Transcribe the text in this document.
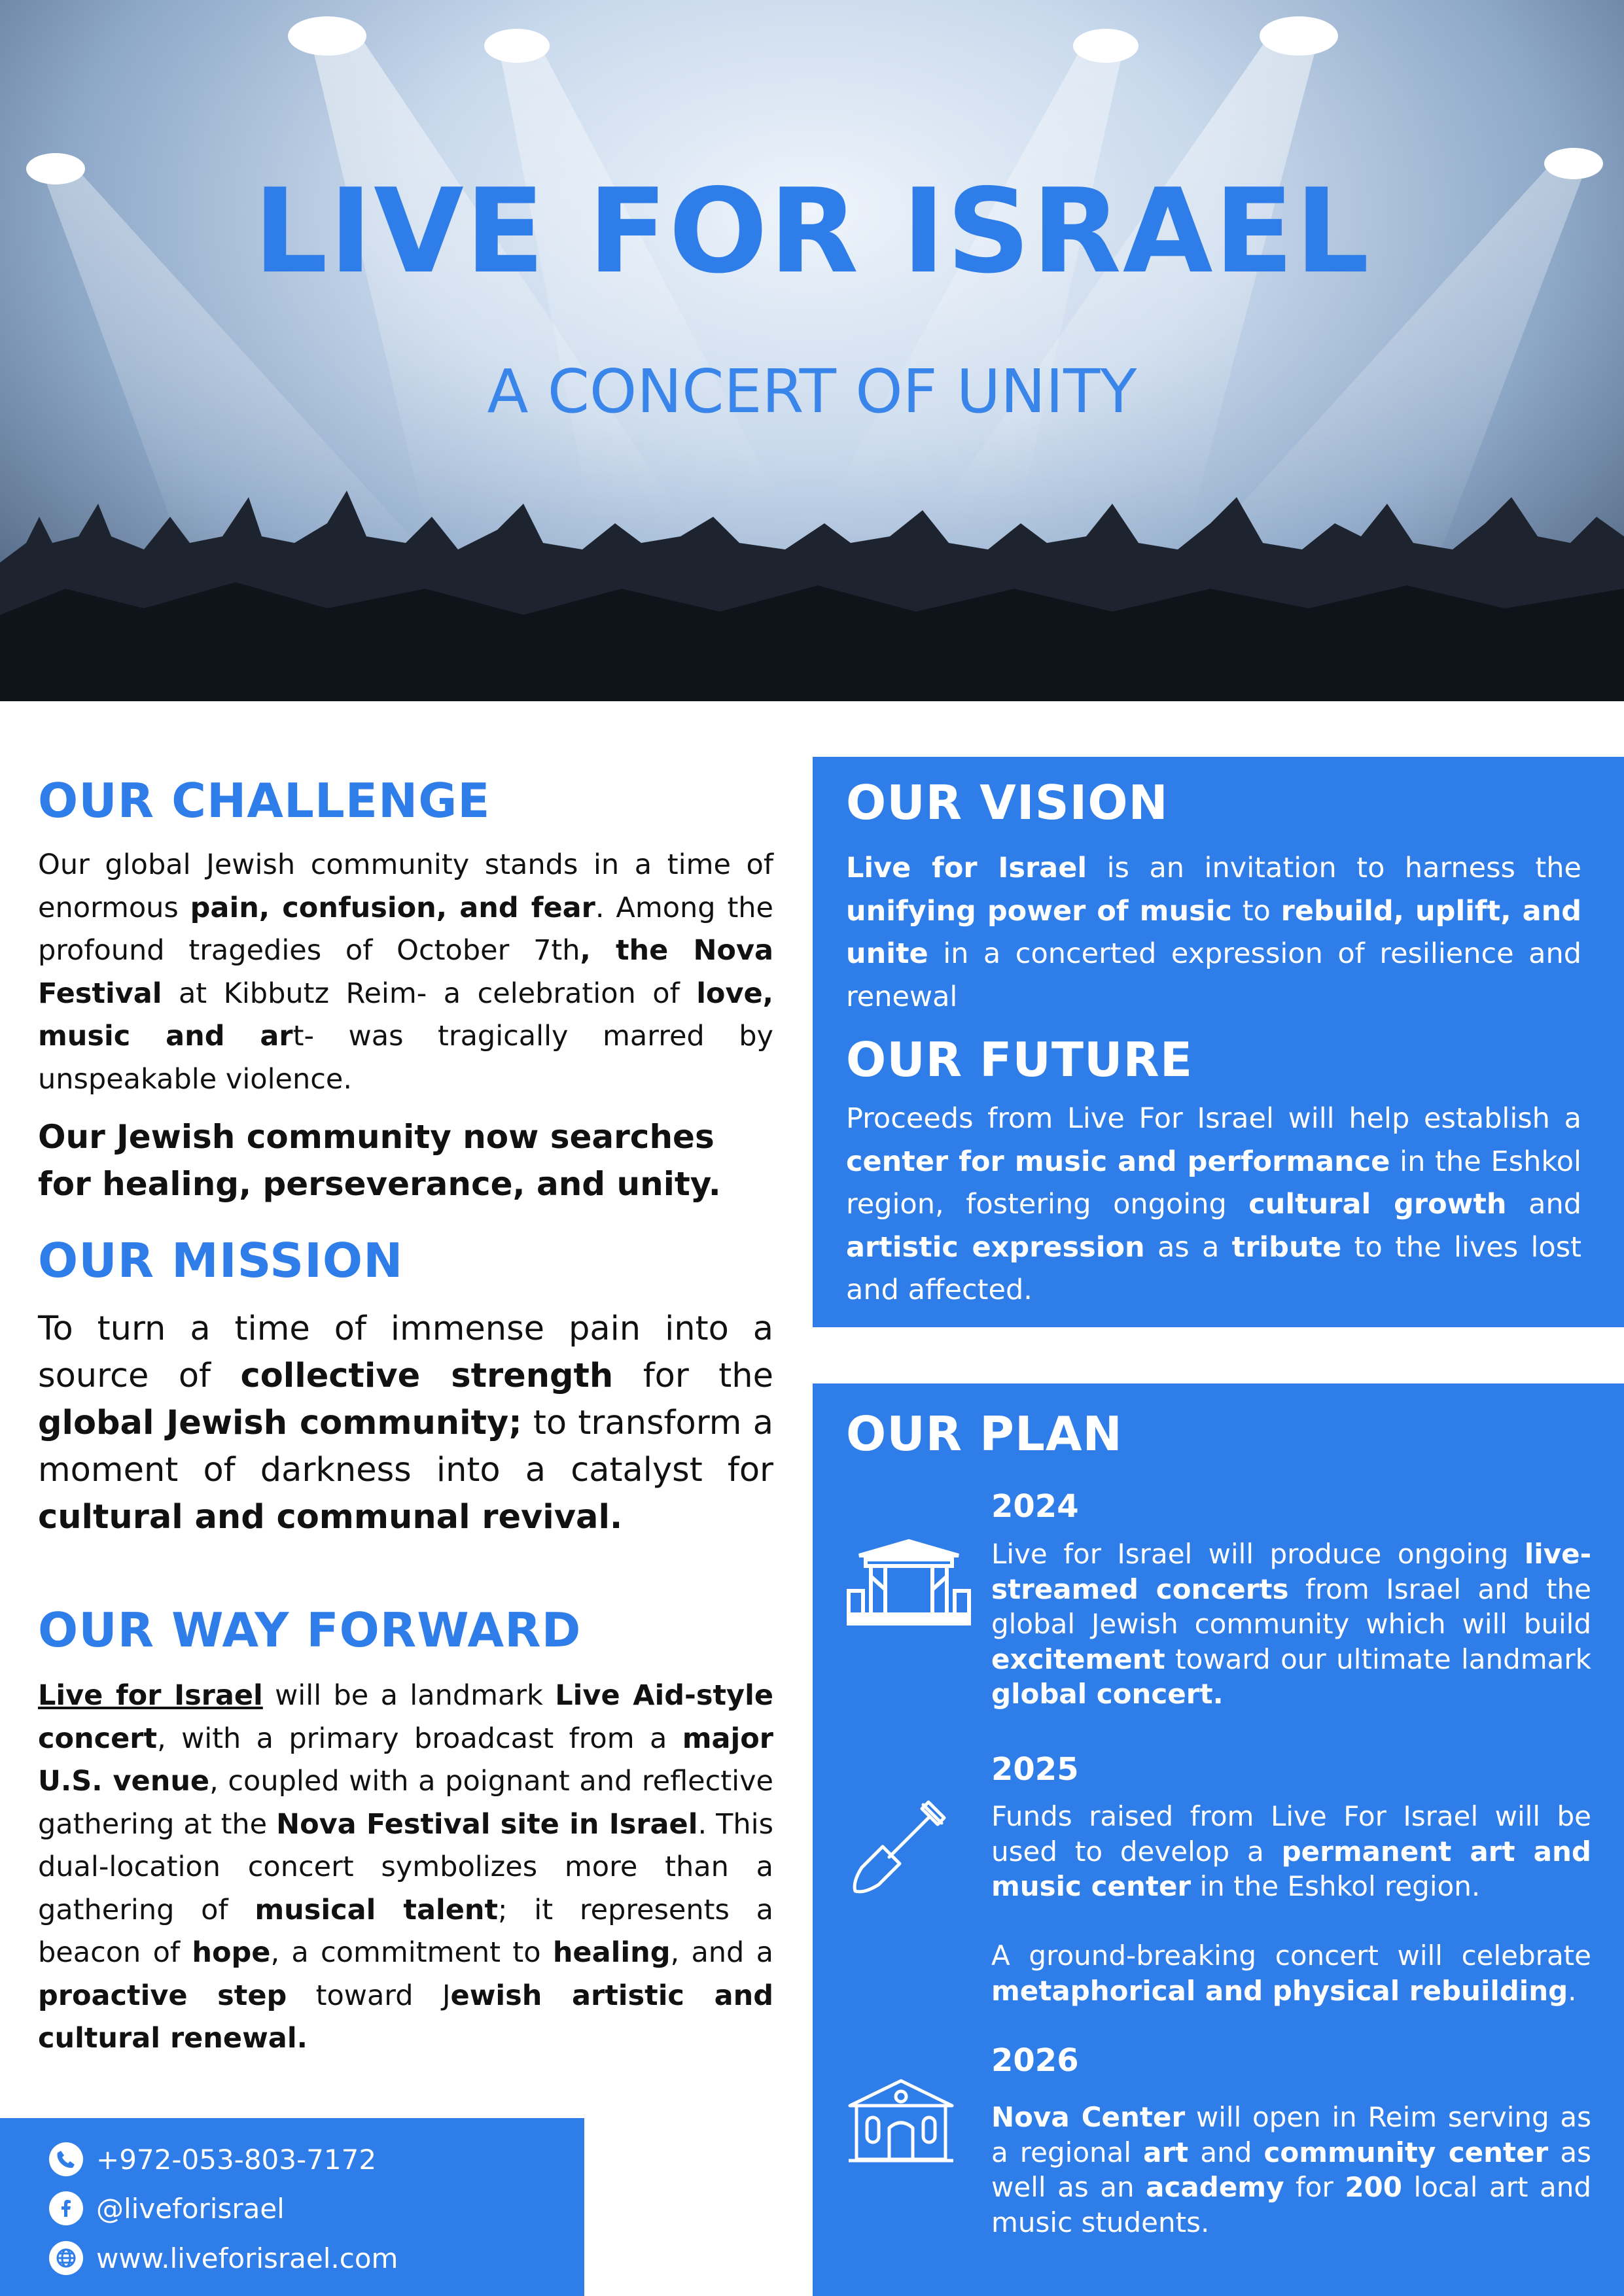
LIVE FOR ISRAEL
A CONCERT OF UNITY
OUR CHALLENGE
Our global Jewish community stands in a time of enormous pain, confusion, and fear. Among the profound tragedies of October 7th, the Nova Festival at Kibbutz Reim- a celebration of love, music and art- was tragically marred by unspeakable violence.
Our Jewish community now searches for healing, perseverance, and unity.
OUR MISSION
To turn a time of immense pain into a source of collective strength for the global Jewish community; to transform a moment of darkness into a catalyst for cultural and communal revival.
OUR WAY FORWARD
Live for Israel will be a landmark Live Aid-style concert, with a primary broadcast from a major U.S. venue, coupled with a poignant and reflective gathering at the Nova Festival site in Israel. This dual-location concert symbolizes more than a gathering of musical talent; it represents a beacon of hope, a commitment to healing, and a proactive step toward Jewish artistic and cultural renewal.
OUR VISION
Live for Israel is an invitation to harness the unifying power of music to rebuild, uplift, and unite in a concerted expression of resilience and renewal
OUR FUTURE
Proceeds from Live For Israel will help establish a center for music and performance in the Eshkol region, fostering ongoing cultural growth and artistic expression as a tribute to the lives lost and affected.
OUR PLAN
2024
Live for Israel will produce ongoing live-streamed concerts from Israel and the global Jewish community which will build excitement toward our ultimate landmark global concert.
2025
Funds raised from Live For Israel will be used to develop a permanent art and music center in the Eshkol region.
A ground-breaking concert will celebrate metaphorical and physical rebuilding.
2026
Nova Center will open in Reim serving as a regional art and community center as well as an academy for 200 local art and music students.
+972-053-803-7172
@liveforisrael
www.liveforisrael.com
